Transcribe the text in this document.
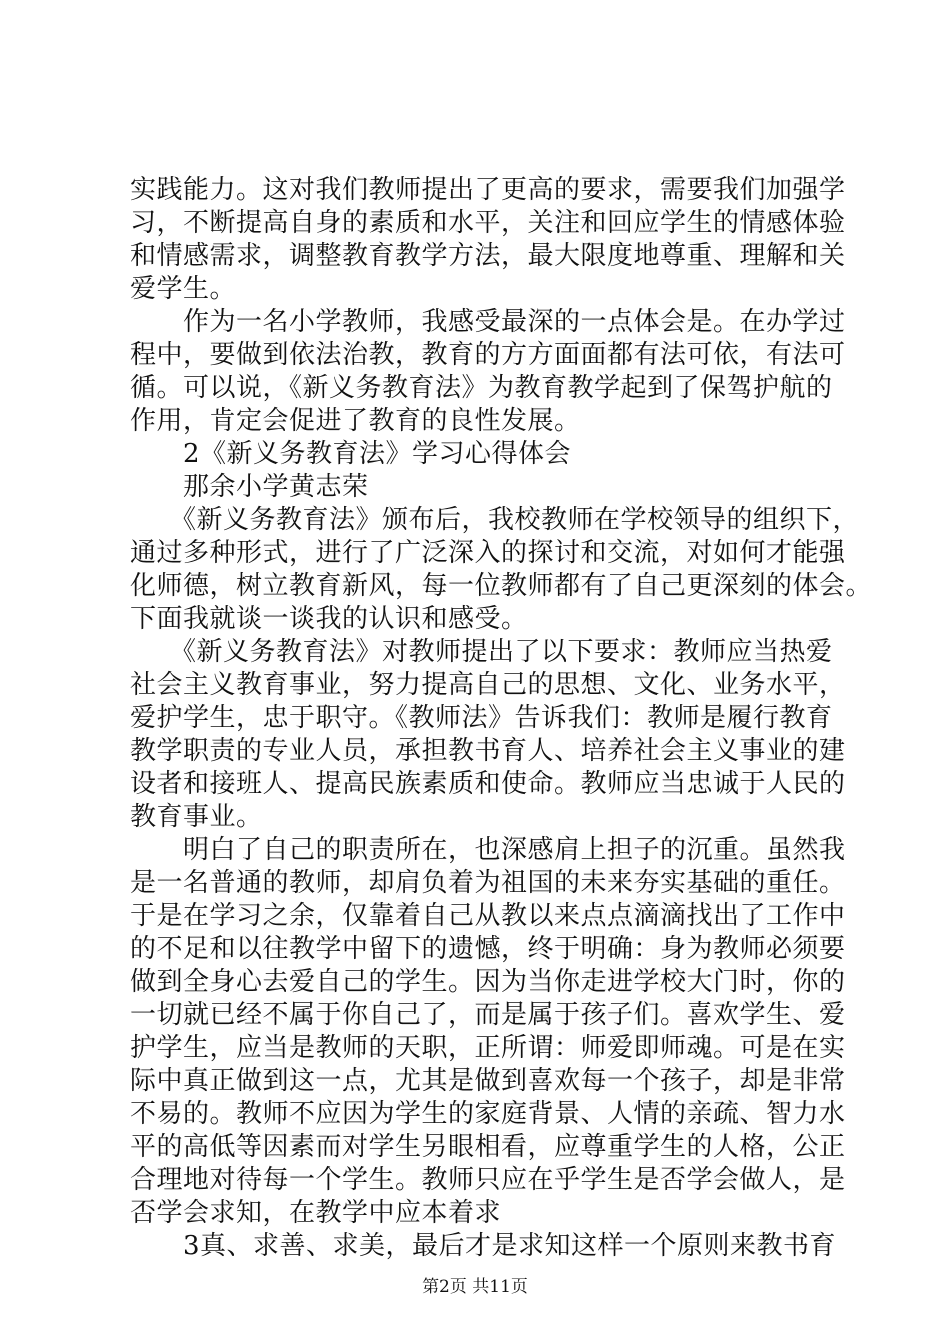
实践能力。这对我们教师提出了更高的要求，需要我们加强学
习，不断提高自身的素质和水平，关注和回应学生的情感体验
和情感需求，调整教育教学方法，最大限度地尊重、理解和关
爱学生。
　　作为一名小学教师，我感受最深的一点体会是。在办学过
程中，要做到依法治教，教育的方方面面都有法可依，有法可
循。可以说，《新义务教育法》为教育教学起到了保驾护航的
作用，肯定会促进了教育的良性发展。
　　2《新义务教育法》学习心得体会
　　那余小学黄志荣
　　《新义务教育法》颁布后，我校教师在学校领导的组织下，
通过多种形式，进行了广泛深入的探讨和交流，对如何才能强
化师德，树立教育新风，每一位教师都有了自己更深刻的体会。
下面我就谈一谈我的认识和感受。
　　《新义务教育法》对教师提出了以下要求：教师应当热爱
社会主义教育事业，努力提高自己的思想、文化、业务水平，
爱护学生，忠于职守。《教师法》告诉我们：教师是履行教育
教学职责的专业人员，承担教书育人、培养社会主义事业的建
设者和接班人、提高民族素质和使命。教师应当忠诚于人民的
教育事业。
　　明白了自己的职责所在，也深感肩上担子的沉重。虽然我
是一名普通的教师，却肩负着为祖国的未来夯实基础的重任。
于是在学习之余，仅靠着自己从教以来点点滴滴找出了工作中
的不足和以往教学中留下的遗憾，终于明确：身为教师必须要
做到全身心去爱自己的学生。因为当你走进学校大门时，你的
一切就已经不属于你自己了，而是属于孩子们。喜欢学生、爱
护学生，应当是教师的天职，正所谓：师爱即师魂。可是在实
际中真正做到这一点，尤其是做到喜欢每一个孩子，却是非常
不易的。教师不应因为学生的家庭背景、人情的亲疏、智力水
平的高低等因素而对学生另眼相看，应尊重学生的人格，公正
合理地对待每一个学生。教师只应在乎学生是否学会做人，是
否学会求知，在教学中应本着求
　　3真、求善、求美，最后才是求知这样一个原则来教书育
第2页 共11页
